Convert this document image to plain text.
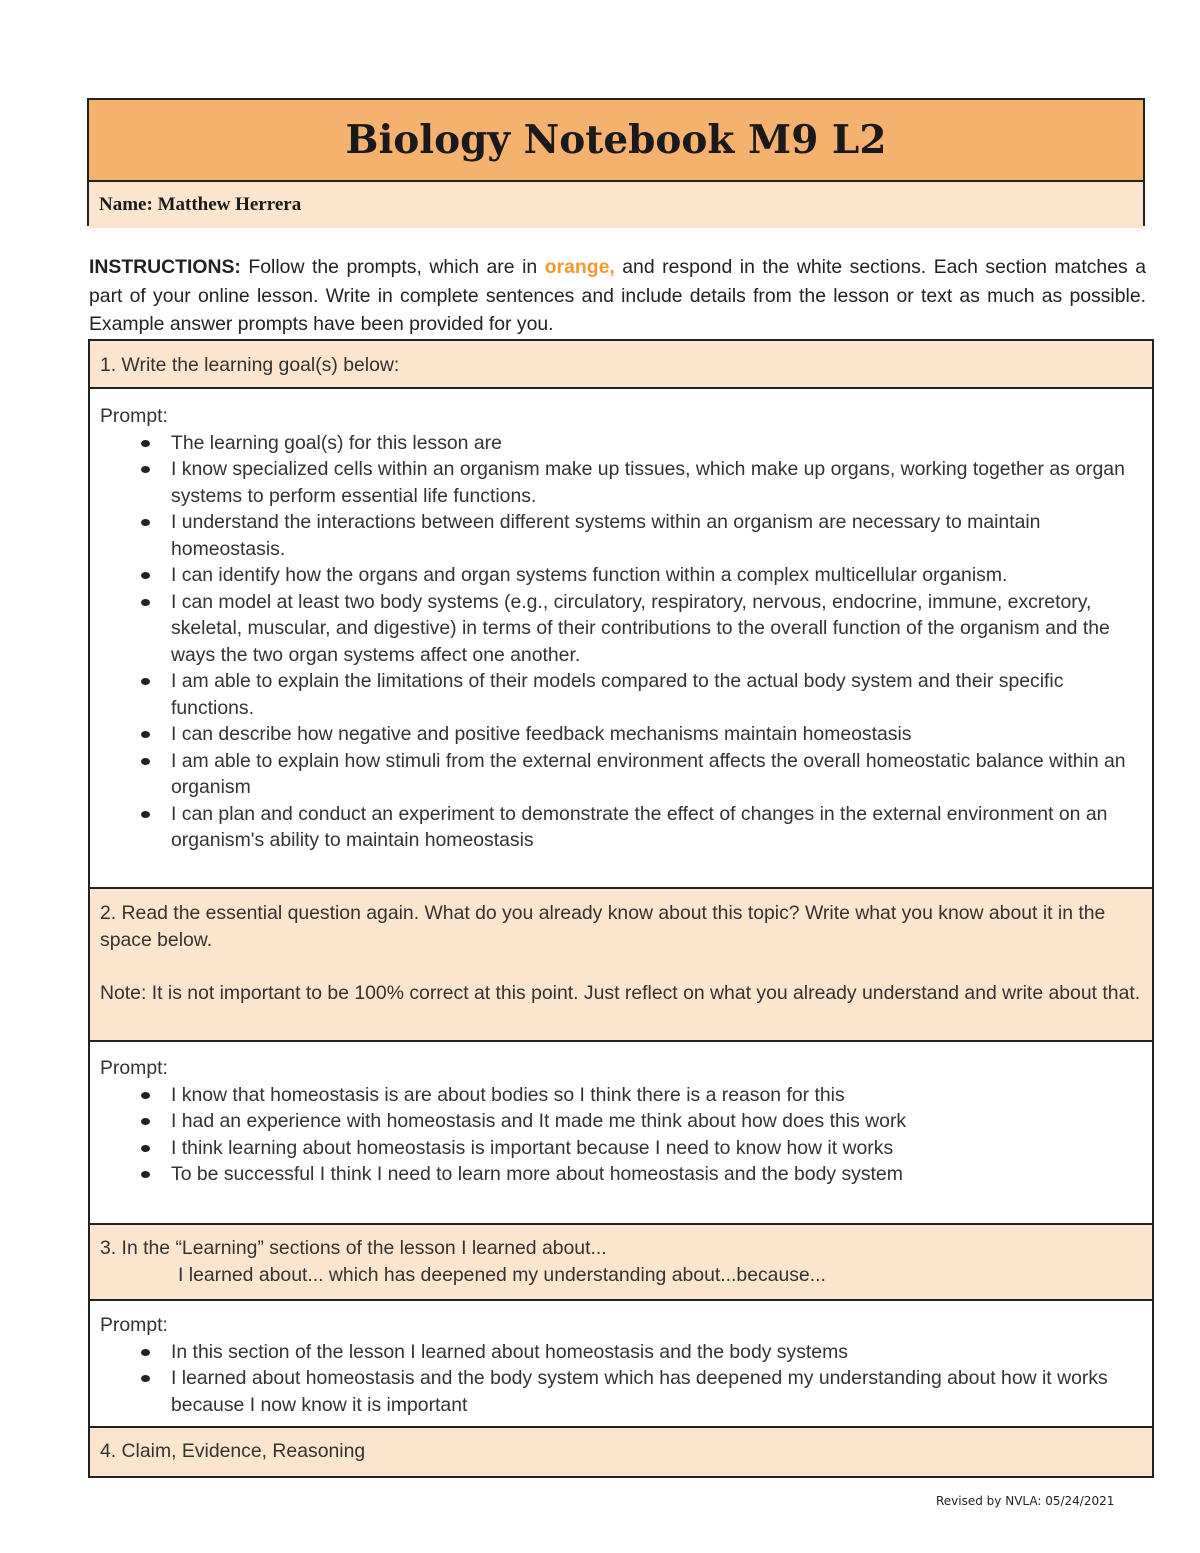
Biology Notebook M9 L2
Name:
Matthew Herrera
INSTRUCTIONS: Follow the prompts, which are in orange, and respond in the white sections. Each section matches a part of your online lesson. Write in complete sentences and include details from the lesson or text as much as possible. Example answer prompts have been provided for you.
1. Write the learning goal(s) below:

Prompt:

The learning goal(s) for this lesson are
I know specialized cells within an organism make up tissues, which make up organs, working together as organ systems to perform essential life functions.
I understand the interactions between different systems within an organism are necessary to maintain homeostasis.
I can identify how the organs and organ systems function within a complex multicellular organism.
I can model at least two body systems (e.g., circulatory, respiratory, nervous, endocrine, immune, excretory, skeletal, muscular, and digestive) in terms of their contributions to the overall function of the organism and the ways the two organ systems affect one another.
I am able to explain the limitations of their models compared to the actual body system and their specific functions.
I can describe how negative and positive feedback mechanisms maintain homeostasis
I am able to explain how stimuli from the external environment affects the overall homeostatic balance within an organism
I can plan and conduct an experiment to demonstrate the effect of changes in the external environment on an organism's ability to maintain homeostasis

2. Read the essential question again. What do you already know about this topic? Write what you know about it in the space below.

Note: It is not important to be 100% correct at this point. Just reflect on what you already understand and write about that.

Prompt:

I know that homeostasis is are about bodies so I think there is a reason for this
I had an experience with homeostasis and It made me think about how does this work
I think learning about homeostasis is important because I need to know how it works
To be successful I think I need to learn more about homeostasis and the body system

3. In the “Learning” sections of the lesson I learned about...

I learned about... which has deepened my understanding about...because...

Prompt:

In this section of the lesson I learned about homeostasis and the body systems
I learned about homeostasis and the body system which has deepened my understanding about how it works because I now know it is important
4. Claim, Evidence, Reasoning
Revised by NVLA: 05/24/2021
